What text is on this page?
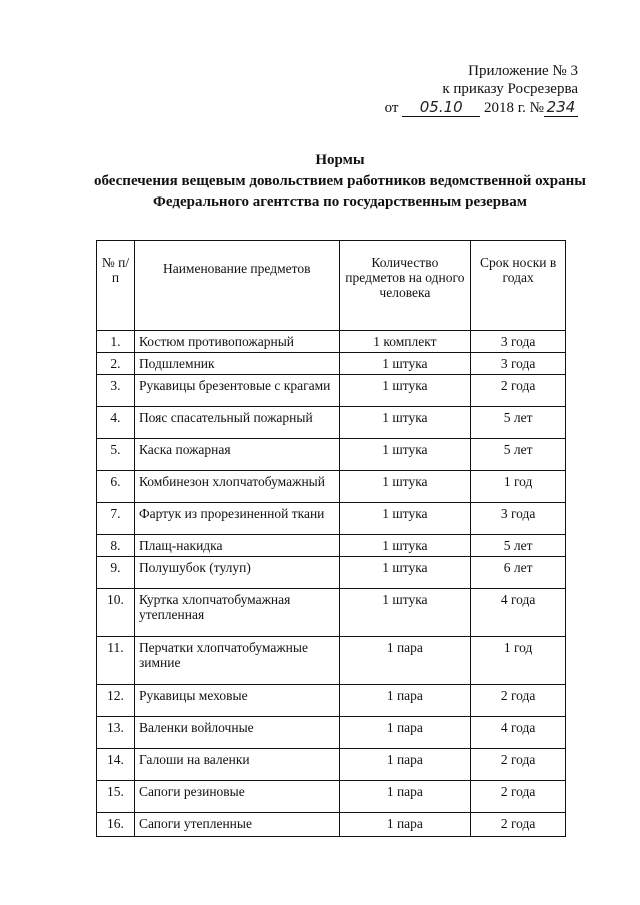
Приложение № 3
к приказу Росрезерва
от 05.10 2018 г. № 234
Нормы
обеспечения вещевым довольствием работников ведомственной охраны
Федерального агентства по государственным резервам
№ п/п	Наименование предметов	Количество предметов на одного человека	Срок носки в годах
1.	Костюм противопожарный	1 комплект	3 года
2.	Подшлемник	1 штука	3 года
3.	Рукавицы брезентовые с крагами	1 штука	2 года
4.	Пояс спасательный пожарный	1 штука	5 лет
5.	Каска пожарная	1 штука	5 лет
6.	Комбинезон хлопчатобумажный	1 штука	1 год
7.	Фартук из прорезиненной ткани	1 штука	3 года
8.	Плащ-накидка	1 штука	5 лет
9.	Полушубок (тулуп)	1 штука	6 лет
10.	Куртка хлопчатобумажная утепленная	1 штука	4 года
11.	Перчатки хлопчатобумажные зимние	1 пара	1 год
12.	Рукавицы меховые	1 пара	2 года
13.	Валенки войлочные	1 пара	4 года
14.	Галоши на валенки	1 пара	2 года
15.	Сапоги резиновые	1 пара	2 года
16.	Сапоги утепленные	1 пара	2 года
